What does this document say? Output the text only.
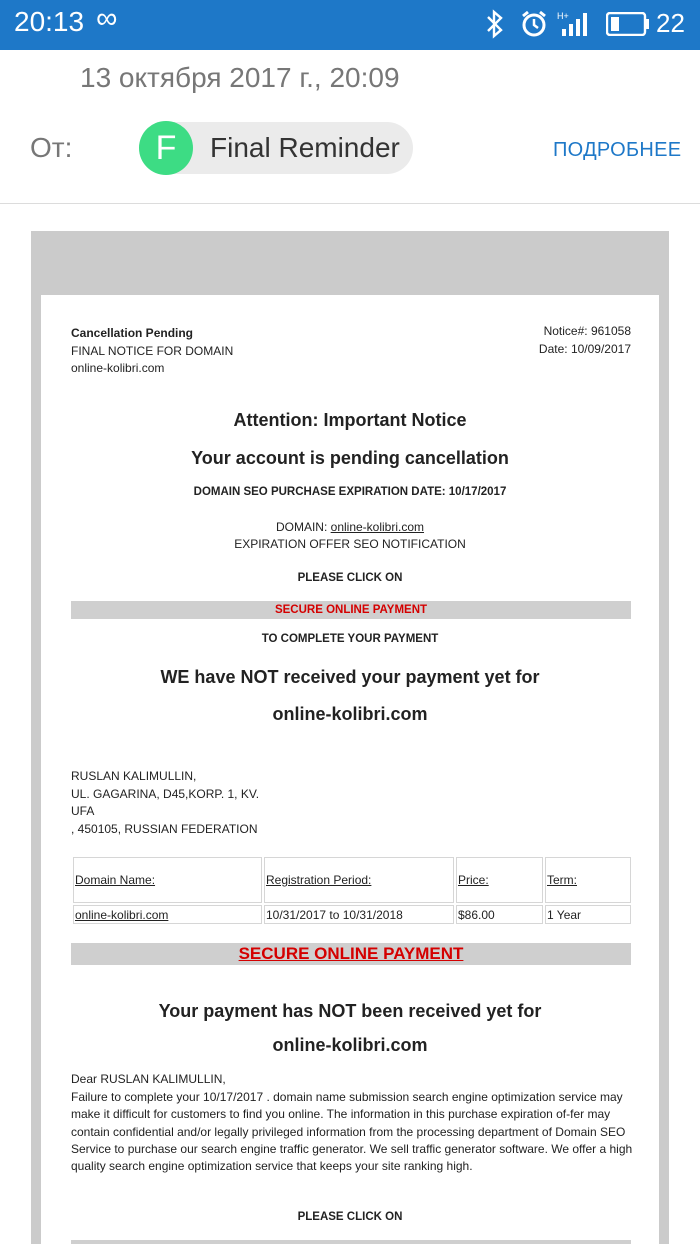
20:13 ∞	H+	22
13 октября 2017 г., 20:09
От:	F	Final Reminder	ПОДРОБНЕЕ
Cancellation Pending
FINAL NOTICE FOR DOMAIN
online-kolibri.com
Notice#: 961058
Date: 10/09/2017
Attention: Important Notice
Your account is pending cancellation
DOMAIN SEO PURCHASE EXPIRATION DATE: 10/17/2017
DOMAIN: online-kolibri.com
EXPIRATION OFFER SEO NOTIFICATION
PLEASE CLICK ON
SECURE ONLINE PAYMENT
TO COMPLETE YOUR PAYMENT
WE have NOT received your payment yet for
online-kolibri.com
RUSLAN KALIMULLIN,
UL. GAGARINA, D45,KORP. 1, KV.
UFA
, 450105, RUSSIAN FEDERATION
Domain Name:	Registration Period:	Price:	Term:
online-kolibri.com	10/31/2017 to 10/31/2018	$86.00	1 Year
SECURE ONLINE PAYMENT
Your payment has NOT been received yet for
online-kolibri.com
Dear RUSLAN KALIMULLIN,
Failure to complete your 10/17/2017 . domain name submission search engine optimization service may make it difficult for customers to find you online. The information in this purchase expiration of-fer may contain confidential and/or legally privileged information from the processing department of Domain SEO Service to purchase our search engine traffic generator. We sell traffic generator software. We offer a high quality search engine optimization service that keeps your site ranking high.
PLEASE CLICK ON
